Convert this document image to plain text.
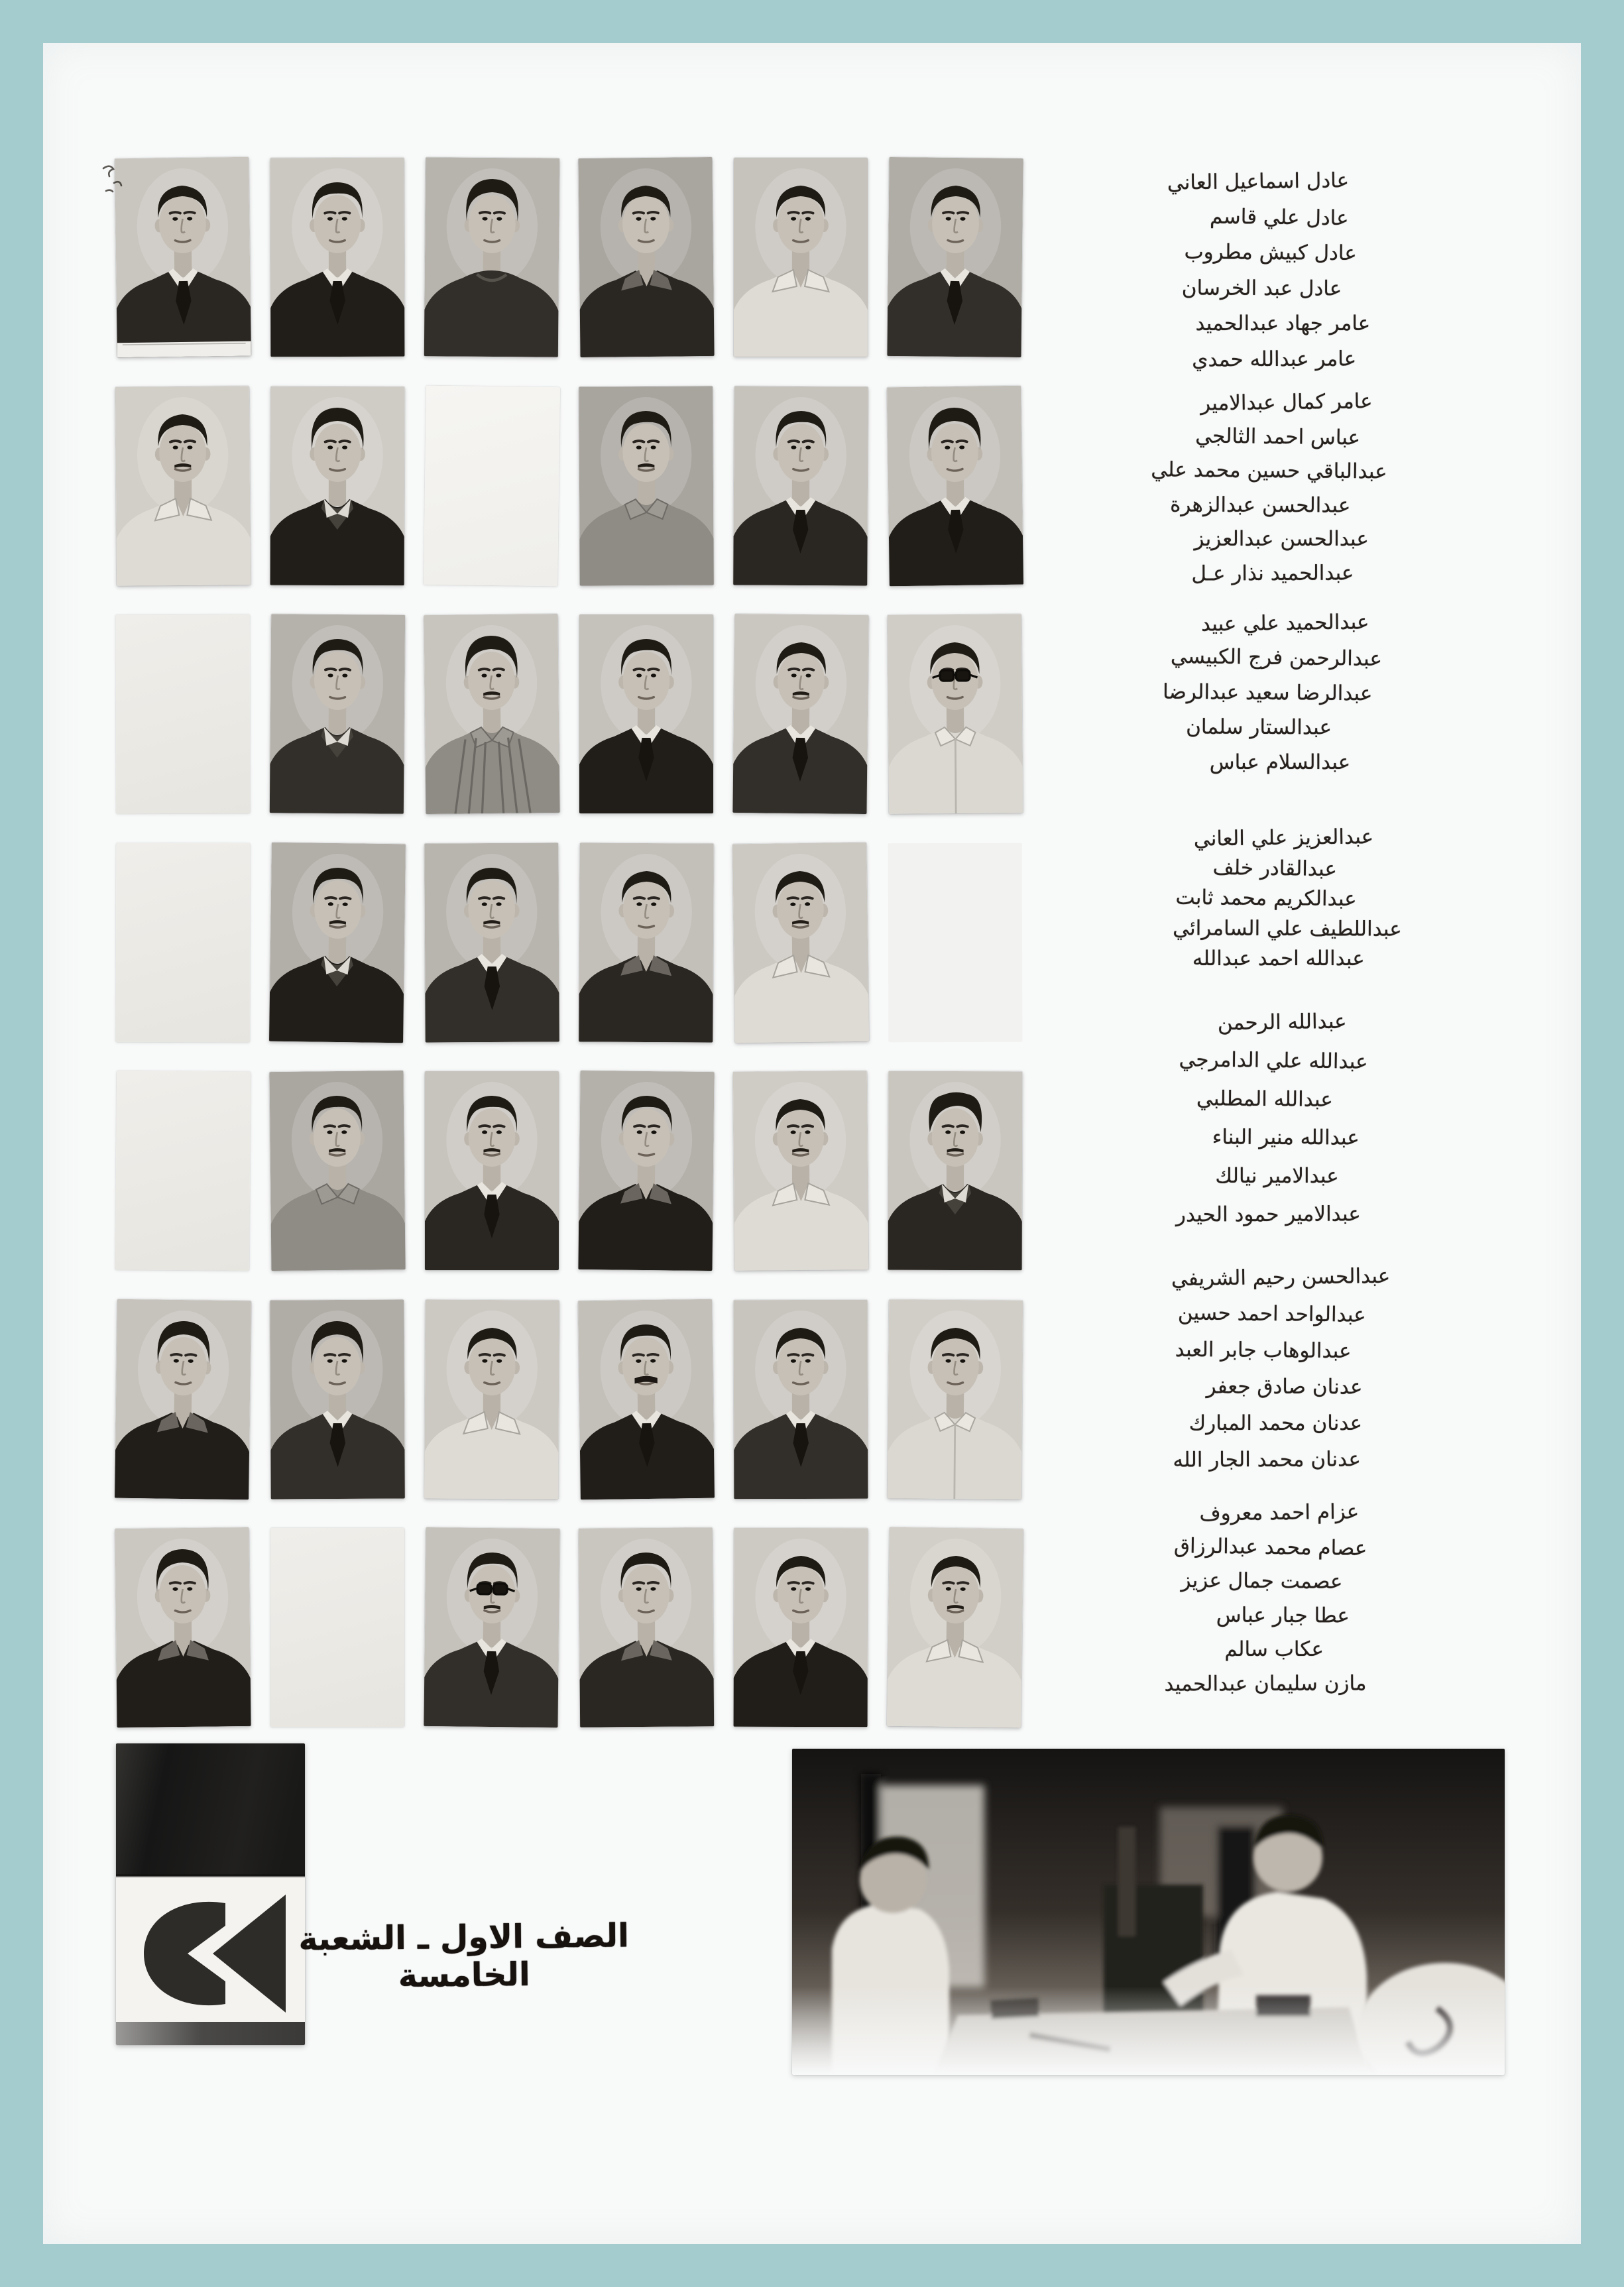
عادل اسماعيل العاني
عادل علي قاسم
عادل كبيش مطروب
عادل عبد الخرسان
عامر جهاد عبدالحميد
عامر عبدالله حمدي
عامر كمال عبدالامير
عباس احمد الثالجي
عبدالباقي حسين محمد علي
عبدالحسن عبدالزهرة
عبدالحسن عبدالعزيز
عبدالحميد نذار عـل
عبدالحميد علي عبيد
عبدالرحمن فرج الكبيسي
عبدالرضا سعيد عبدالرضا
عبدالستار سلمان
عبدالسلام عباس
عبدالعزيز علي العاني
عبدالقادر خلف
عبدالكريم محمد ثابت
عبداللطيف علي السامرائي
عبدالله احمد عبدالله
عبدالله الرحمن
عبدالله علي الدامرجي
عبدالله المطلبي
عبدالله منير البناء
عبدالامير نيالك
عبدالامير حمود الحيدر
عبدالحسن رحيم الشريفي
عبدالواحد احمد حسين
عبدالوهاب جابر العبد
عدنان صادق جعفر
عدنان محمد المبارك
عدنان محمد الجار الله
عزام احمد معروف
عصام محمد عبدالرزاق
عصمت جمال عزيز
عطا جبار عباس
عكاب سالم
مازن سليمان عبدالحميد
الصف الاول ـ الشعبة الخامسة
